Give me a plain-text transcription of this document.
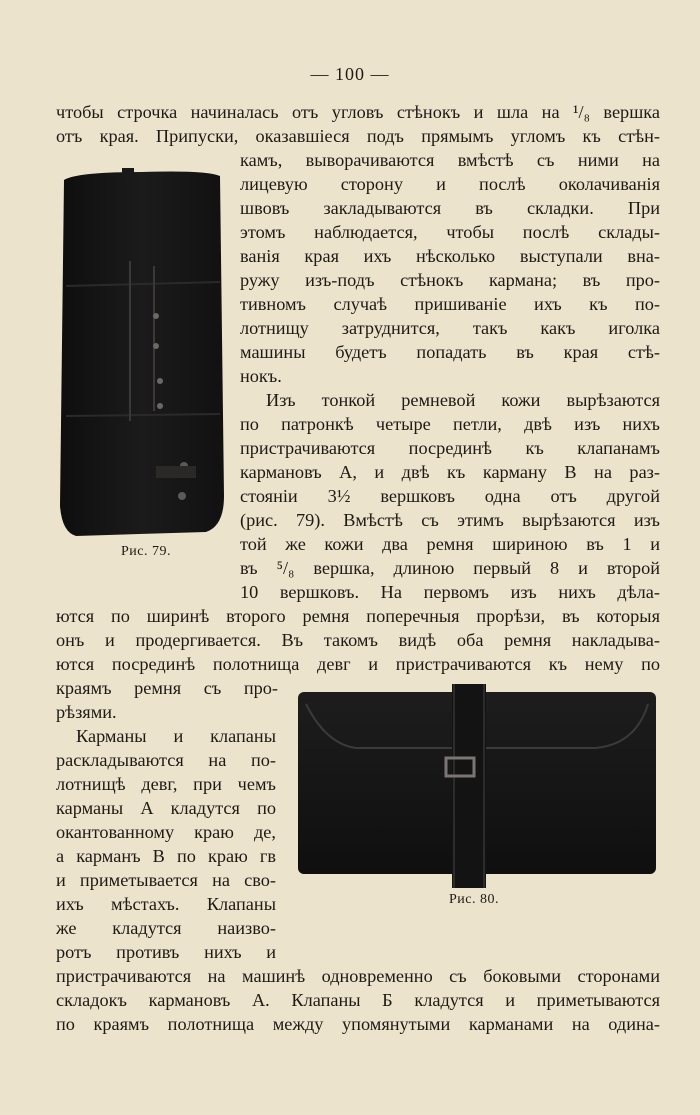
— 100 —
Рис. 79.
Рис. 80.
чтобы строчка начиналась отъ угловъ стѣнокъ и шла на ¹/₈ вершка
отъ края. Припуски, оказавшіеся подъ прямымъ угломъ къ стѣн-
камъ, выворачиваются вмѣстѣ съ ними на
лицевую сторону и послѣ околачиванія
швовъ закладываются въ складки. При
этомъ наблюдается, чтобы послѣ склады-
ванія края ихъ нѣсколько выступали вна-
ружу изъ-подъ стѣнокъ кармана; въ про-
тивномъ случаѣ пришиваніе ихъ къ по-
лотнищу затруднится, такъ какъ иголка
машины будетъ попадать въ края стѣ-
нокъ.
Изъ тонкой ремневой кожи вырѣзаются
по патронкѣ четыре петли, двѣ изъ нихъ
пристрачиваются посрединѣ къ клапанамъ
кармановъ А, и двѣ къ карману В на раз-
стояніи 3½ вершковъ одна отъ другой
(рис. 79). Вмѣстѣ съ этимъ вырѣзаются изъ
той же кожи два ремня шириною въ 1 и
въ ⁵/₈ вершка, длиною первый 8 и второй
10 вершковъ. На первомъ изъ нихъ дѣла-
ются по ширинѣ второго ремня поперечныя прорѣзи, въ которыя
онъ и продергивается. Въ такомъ видѣ оба ремня накладыва-
ются посрединѣ полотнища девг и пристрачиваются къ нему по
краямъ ремня съ про-
рѣзями.
Карманы и клапаны
раскладываются на по-
лотнищѣ девг, при чемъ
карманы А кладутся по
окантованному краю де,
а карманъ В по краю гв
и приметывается на сво-
ихъ мѣстахъ. Клапаны
же кладутся наизво-
ротъ противъ нихъ и
пристрачиваются на машинѣ одновременно съ боковыми сторонами
складокъ кармановъ А. Клапаны Б кладутся и приметываются
по краямъ полотнища между упомянутыми карманами на одина-
